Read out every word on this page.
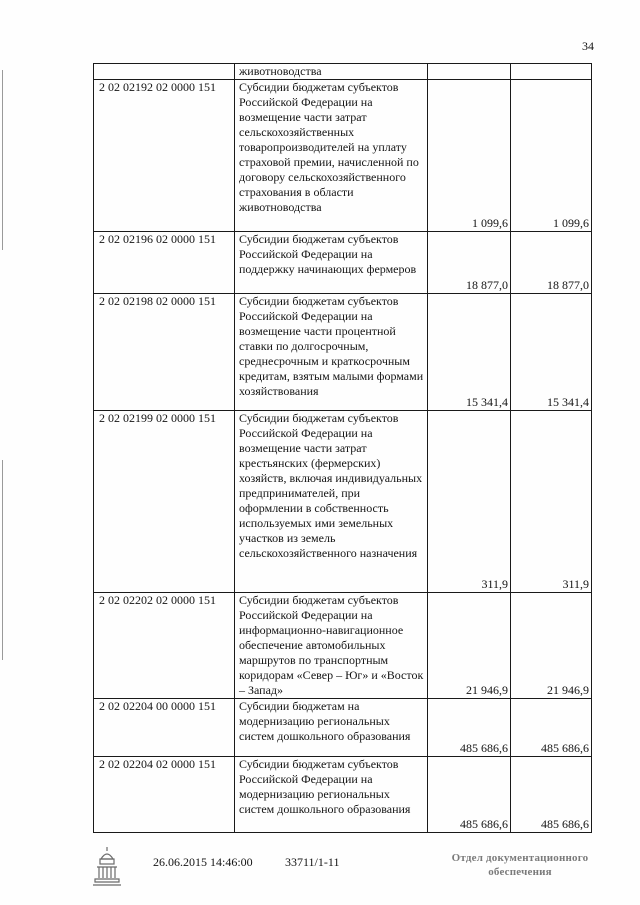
34
	животноводства		
2 02 02192 02 0000 151	Субсидии бюджетам субъектов Российской Федерации на возмещение части затрат сельскохозяйственных товаропроизводителей на уплату страховой премии, начисленной по договору сельскохозяйственного страхования в области животноводства	1 099,6	1 099,6
2 02 02196 02 0000 151	Субсидии бюджетам субъектов Российской Федерации на поддержку начинающих фермеров	18 877,0	18 877,0
2 02 02198 02 0000 151	Субсидии бюджетам субъектов Российской Федерации на возмещение части процентной ставки по долгосрочным, среднесрочным и краткосрочным кредитам, взятым малыми формами хозяйствования	15 341,4	15 341,4
2 02 02199 02 0000 151	Субсидии бюджетам субъектов Российской Федерации на возмещение части затрат крестьянских (фермерских) хозяйств, включая индивидуальных предпринимателей, при оформлении в собственность используемых ими земельных участков из земель сельскохозяйственного назначения	311,9	311,9
2 02 02202 02 0000 151	Субсидии бюджетам субъектов Российской Федерации на информационно-навигационное обеспечение автомобильных маршрутов по транспортным коридорам «Север – Юг» и «Восток – Запад»	21 946,9	21 946,9
2 02 02204 00 0000 151	Субсидии бюджетам на модернизацию региональных систем дошкольного образования	485 686,6	485 686,6
2 02 02204 02 0000 151	Субсидии бюджетам субъектов Российской Федерации на модернизацию региональных систем дошкольного образования	485 686,6	485 686,6
26.06.2015 14:46:00	33711/1-11	Отдел документационного
обеспечения
